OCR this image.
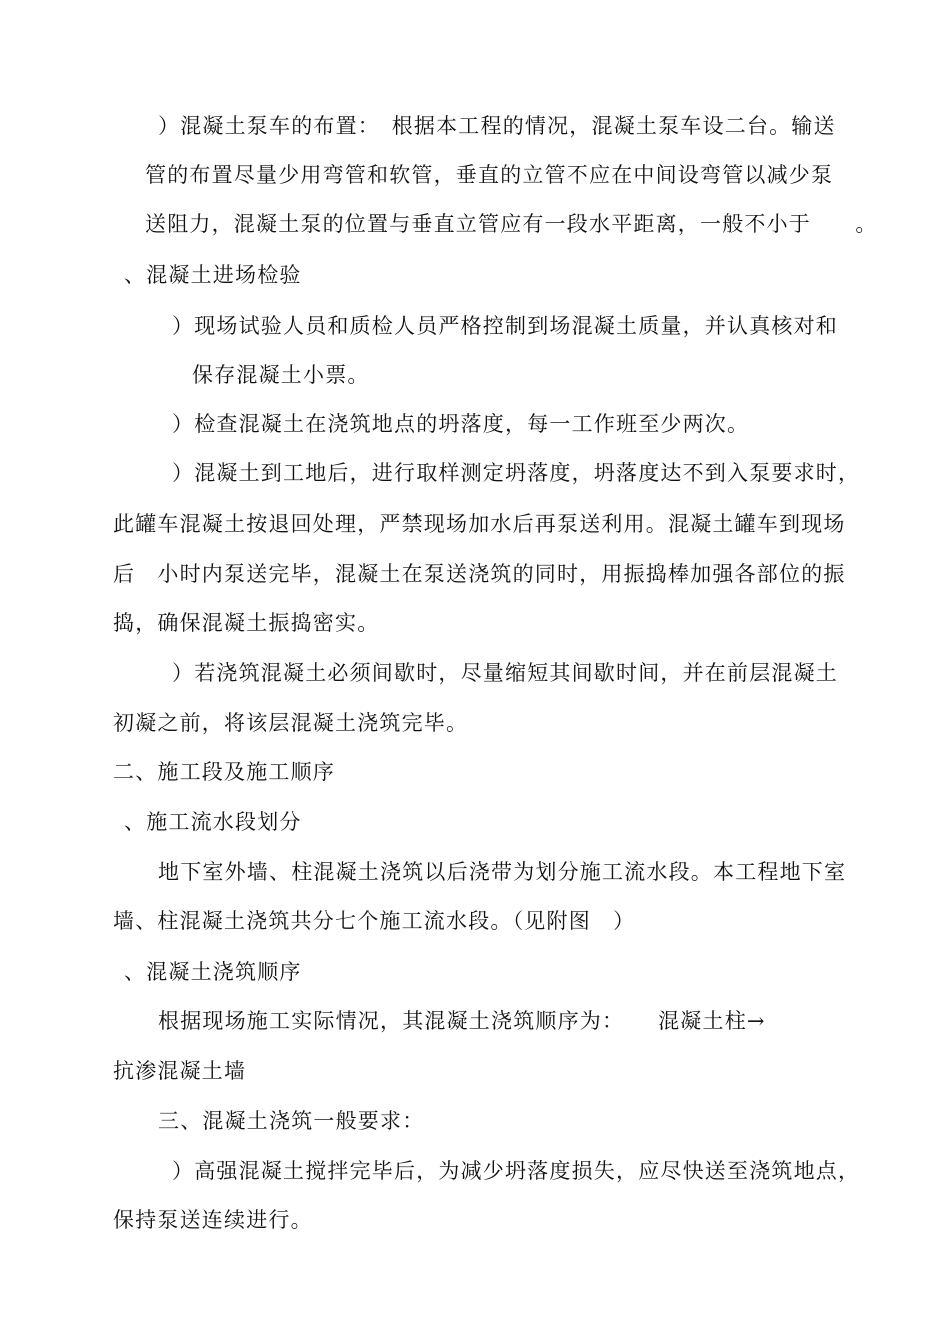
）混凝土泵车的布置：　根据本工程的情况，混凝土泵车设二台。输送
管的布置尽量少用弯管和软管，垂直的立管不应在中间设弯管以减少泵
送阻力，混凝土泵的位置与垂直立管应有一段水平距离，一般不小于　　。
、混凝土进场检验
）现场试验人员和质检人员严格控制到场混凝土质量，并认真核对和
保存混凝土小票。
）检查混凝土在浇筑地点的坍落度，每一工作班至少两次。
）混凝土到工地后，进行取样测定坍落度，坍落度达不到入泵要求时，
此罐车混凝土按退回处理，严禁现场加水后再泵送利用。混凝土罐车到现场
后　小时内泵送完毕，混凝土在泵送浇筑的同时，用振捣棒加强各部位的振
捣，确保混凝土振捣密实。
）若浇筑混凝土必须间歇时，尽量缩短其间歇时间，并在前层混凝土
初凝之前，将该层混凝土浇筑完毕。
二、施工段及施工顺序
、施工流水段划分
地下室外墙、柱混凝土浇筑以后浇带为划分施工流水段。本工程地下室
墙、柱混凝土浇筑共分七个施工流水段。（见附图　）
、混凝土浇筑顺序
根据现场施工实际情况，其混凝土浇筑顺序为：　　混凝土柱→
抗渗混凝土墙
三、混凝土浇筑一般要求：
）高强混凝土搅拌完毕后，为减少坍落度损失，应尽快送至浇筑地点，
保持泵送连续进行。
